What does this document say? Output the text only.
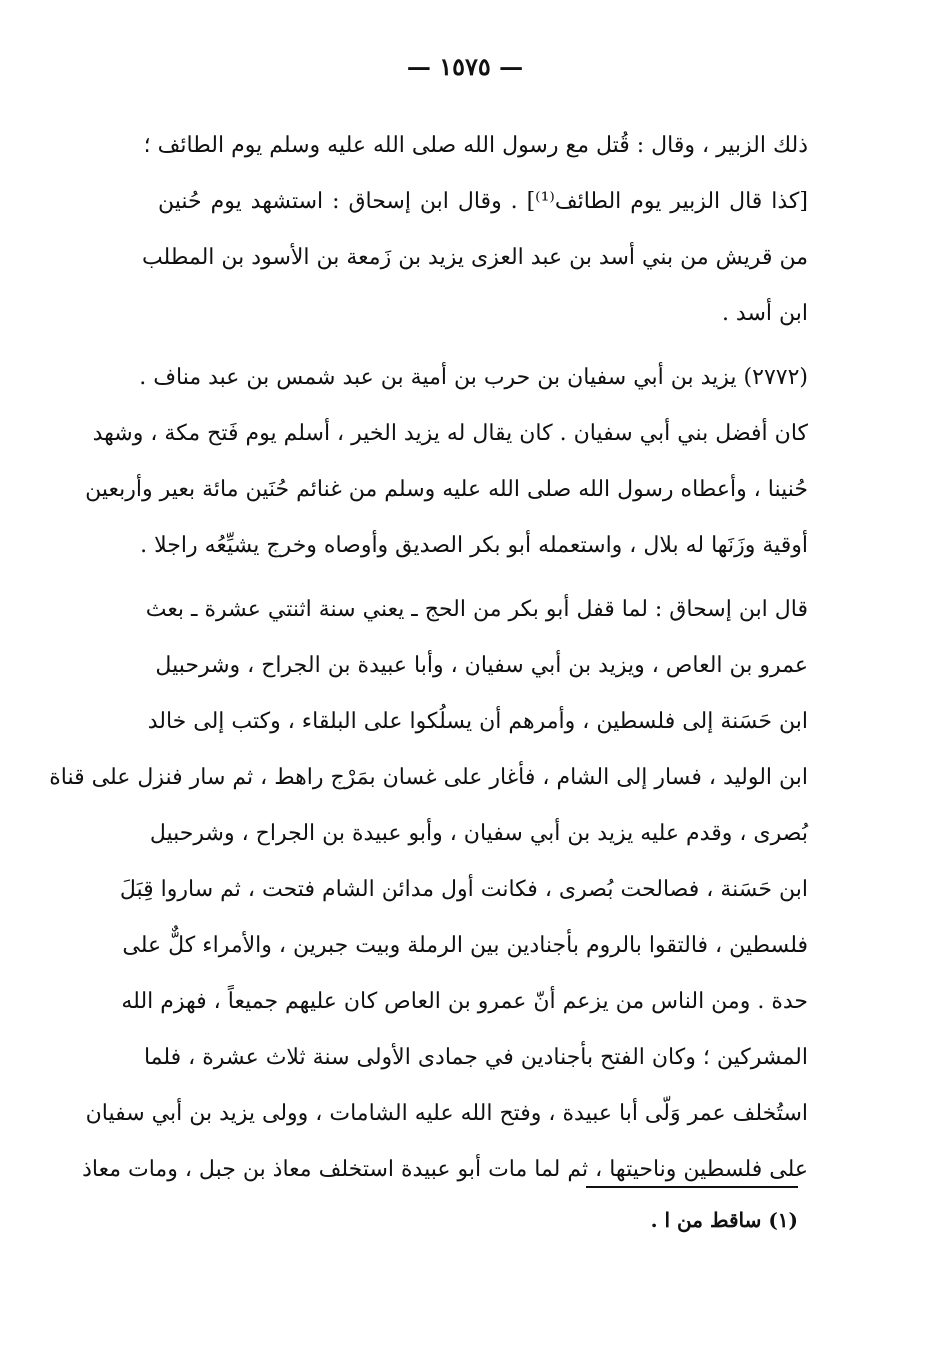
— ١٥٧٥ —

ذلك الزبير ، وقال : قُتل مع رسول الله صلى الله عليه وسلم يوم الطائف ؛
[كذا قال الزبير يوم الطائف⁽¹⁾] . وقال ابن إسحاق : استشهد يوم حُنين
من قريش من بني أسد بن عبد العزى يزيد بن زَمعة بن الأسود بن المطلب
ابن أسد .

(٢٧٧٢) يزيد بن أبي سفيان بن حرب بن أمية بن عبد شمس بن عبد مناف .
كان أفضل بني أبي سفيان . كان يقال له يزيد الخير ، أسلم يوم فَتح مكة ، وشهد
حُنينا ، وأعطاه رسول الله صلى الله عليه وسلم من غنائم حُنَين مائة بعير وأربعين
أوقية وزَنَها له بلال ، واستعمله أبو بكر الصديق وأوصاه وخرج يشيِّعُه راجلا .

قال ابن إسحاق : لما قفل أبو بكر من الحج ـ يعني سنة اثنتي عشرة ـ بعث
عمرو بن العاص ، ويزيد بن أبي سفيان ، وأبا عبيدة بن الجراح ، وشرحبيل
ابن حَسَنة إلى فلسطين ، وأمرهم أن يسلُكوا على البلقاء ، وكتب إلى خالد
ابن الوليد ، فسار إلى الشام ، فأغار على غسان بمَرْج راهط ، ثم سار فنزل على قناة
بُصرى ، وقدم عليه يزيد بن أبي سفيان ، وأبو عبيدة بن الجراح ، وشرحبيل
ابن حَسَنة ، فصالحت بُصرى ، فكانت أول مدائن الشام فتحت ، ثم ساروا قِبَلَ
فلسطين ، فالتقوا بالروم بأجنادين بين الرملة وبيت جبرين ، والأمراء كلٌّ على
حدة . ومن الناس من يزعم أنّ عمرو بن العاص كان عليهم جميعاً ، فهزم الله
المشركين ؛ وكان الفتح بأجنادين في جمادى الأولى سنة ثلاث عشرة ، فلما
استُخلف عمر وَلّى أبا عبيدة ، وفتح الله عليه الشامات ، وولى يزيد بن أبي سفيان
على فلسطين وناحيتها ، ثم لما مات أبو عبيدة استخلف معاذ بن جبل ، ومات معاذ

(١) ساقط من ا .
